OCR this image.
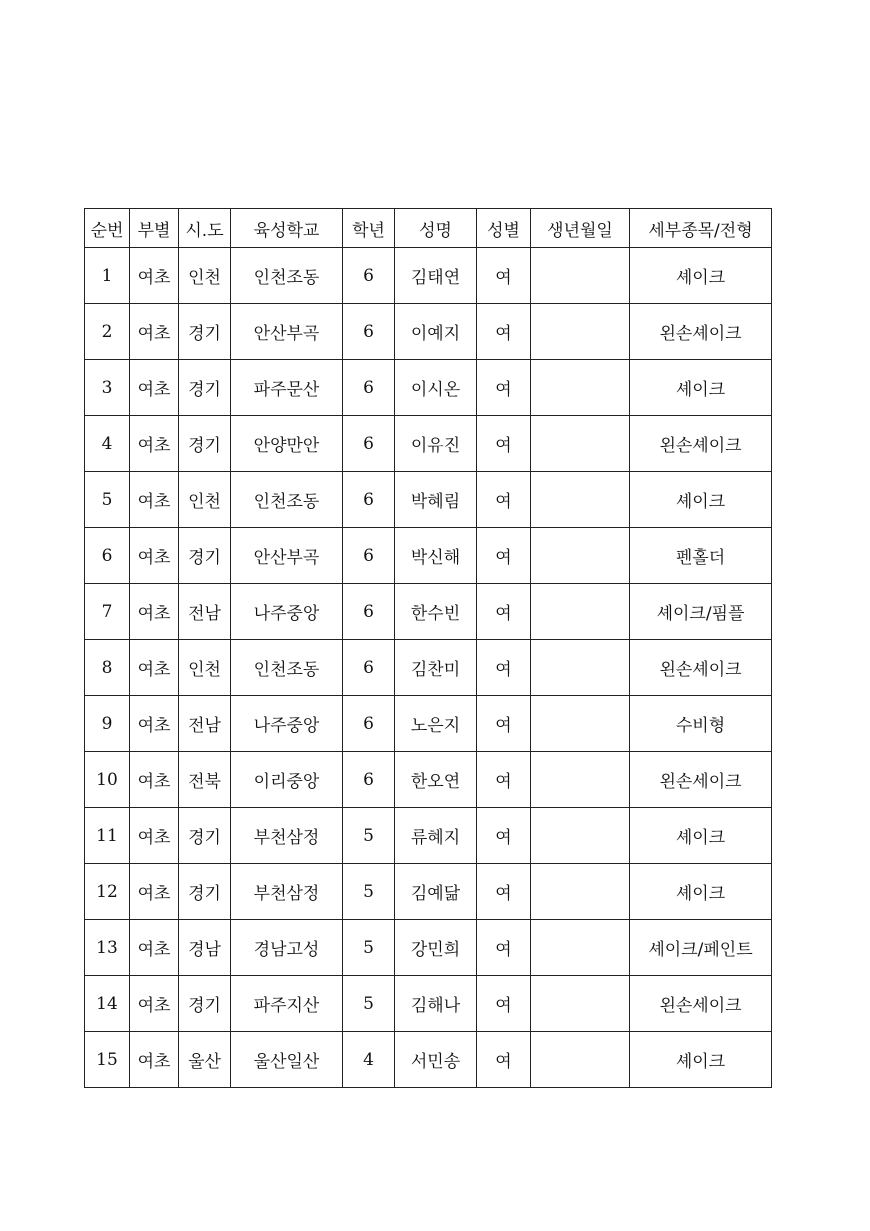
순번	부별	시.도	육성학교	학년	성명	성별	생년월일	세부종목/전형
1	여초	인천	인천조동	6	김태연	여		셰이크
2	여초	경기	안산부곡	6	이예지	여		왼손셰이크
3	여초	경기	파주문산	6	이시온	여		셰이크
4	여초	경기	안양만안	6	이유진	여		왼손셰이크
5	여초	인천	인천조동	6	박혜림	여		셰이크
6	여초	경기	안산부곡	6	박신해	여		펜홀더
7	여초	전남	나주중앙	6	한수빈	여		셰이크/핌플
8	여초	인천	인천조동	6	김찬미	여		왼손셰이크
9	여초	전남	나주중앙	6	노은지	여		수비형
10	여초	전북	이리중앙	6	한오연	여		왼손세이크
11	여초	경기	부천삼정	5	류혜지	여		셰이크
12	여초	경기	부천삼정	5	김예닮	여		셰이크
13	여초	경남	경남고성	5	강민희	여		셰이크/페인트
14	여초	경기	파주지산	5	김해나	여		왼손세이크
15	여초	울산	울산일산	4	서민송	여		셰이크
